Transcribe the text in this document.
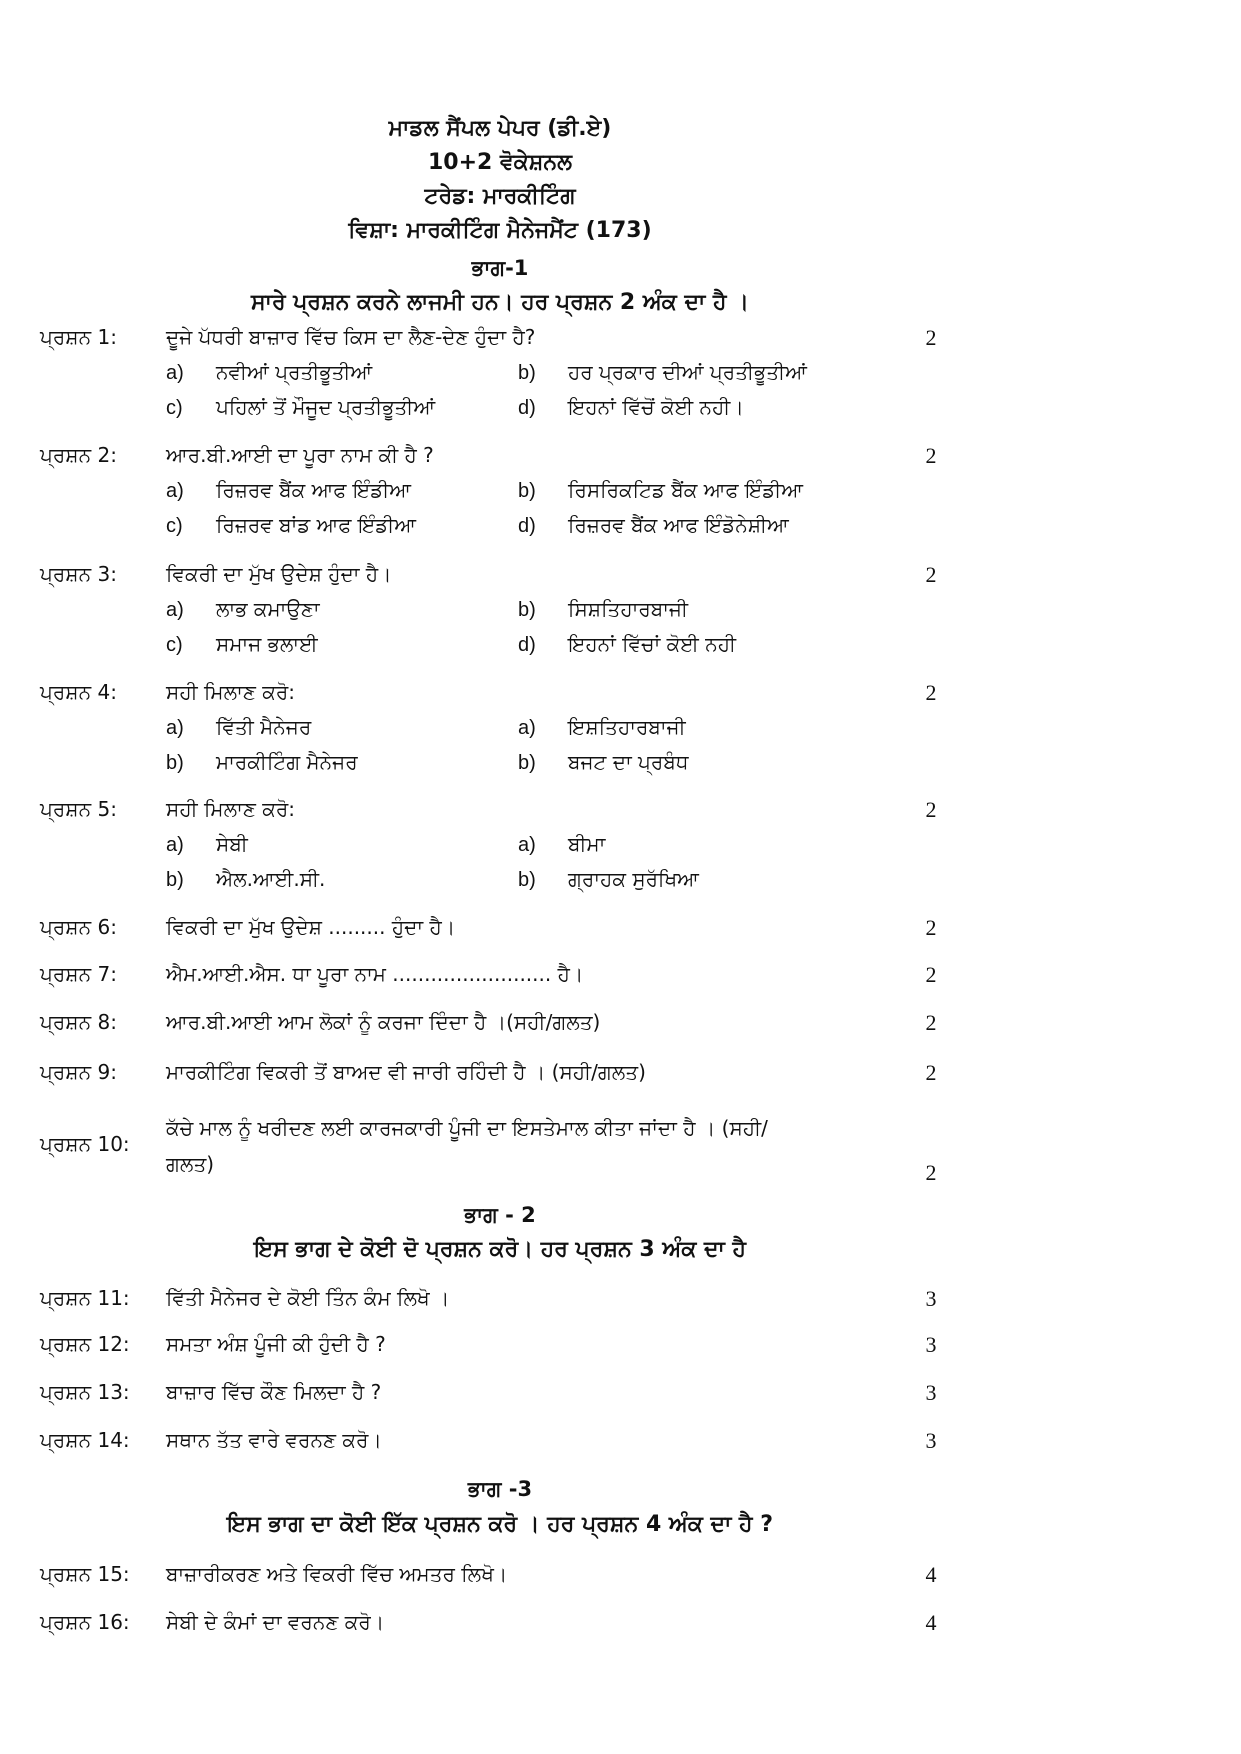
ਮਾਡਲ ਸੈਂਪਲ ਪੇਪਰ (ਡੀ.ਏ)
10+2 ਵੋਕੇਸ਼ਨਲ
ਟਰੇਡ: ਮਾਰਕੀਟਿੰਗ
ਵਿਸ਼ਾ: ਮਾਰਕੀਟਿੰਗ ਮੈਨੇਜਮੈਂਟ (173)
ਭਾਗ-1
ਸਾਰੇ ਪ੍ਰਸ਼ਨ ਕਰਨੇ ਲਾਜਮੀ ਹਨ। ਹਰ ਪ੍ਰਸ਼ਨ 2 ਅੰਕ ਦਾ ਹੈ ।
ਪ੍ਰਸ਼ਨ 1: ਦੂਜੇ ਪੱਧਰੀ ਬਾਜ਼ਾਰ ਵਿੱਚ ਕਿਸ ਦਾ ਲੈਣ-ਦੇਣ ਹੁੰਦਾ ਹੈ?	2
a) ਨਵੀਆਂ ਪ੍ਰਤੀਭੂਤੀਆਂ	b) ਹਰ ਪ੍ਰਕਾਰ ਦੀਆਂ ਪ੍ਰਤੀਭੂਤੀਆਂ
c) ਪਹਿਲਾਂ ਤੋਂ ਮੌਜੂਦ ਪ੍ਰਤੀਭੂਤੀਆਂ	d) ਇਹਨਾਂ ਵਿੱਚੋਂ ਕੋਈ ਨਹੀ।
ਪ੍ਰਸ਼ਨ 2: ਆਰ.ਬੀ.ਆਈ ਦਾ ਪੂਰਾ ਨਾਮ ਕੀ ਹੈ ?	2
a) ਰਿਜ਼ਰਵ ਬੈਂਕ ਆਫ ਇੰਡੀਆ	b) ਰਿਸਰਿਕਟਿਡ ਬੈਂਕ ਆਫ ਇੰਡੀਆ
c) ਰਿਜ਼ਰਵ ਬਾਂਡ ਆਫ ਇੰਡੀਆ	d) ਰਿਜ਼ਰਵ ਬੈਂਕ ਆਫ ਇੰਡੋਨੇਸ਼ੀਆ
ਪ੍ਰਸ਼ਨ 3: ਵਿਕਰੀ ਦਾ ਮੁੱਖ ਉਦੇਸ਼ ਹੁੰਦਾ ਹੈ।	2
a) ਲਾਭ ਕਮਾਉਣਾ	b) ਸਿਸ਼ਤਿਹਾਰਬਾਜੀ
c) ਸਮਾਜ ਭਲਾਈ	d) ਇਹਨਾਂ ਵਿੱਚਾਂ ਕੋਈ ਨਹੀ
ਪ੍ਰਸ਼ਨ 4: ਸਹੀ ਮਿਲਾਣ ਕਰੋ:	2
a) ਵਿੱਤੀ ਮੈਨੇਜਰ	a) ਇਸ਼ਤਿਹਾਰਬਾਜੀ
b) ਮਾਰਕੀਟਿੰਗ ਮੈਨੇਜਰ	b) ਬਜਟ ਦਾ ਪ੍ਰਬੰਧ
ਪ੍ਰਸ਼ਨ 5: ਸਹੀ ਮਿਲਾਣ ਕਰੋ:	2
a) ਸੇਬੀ	a) ਬੀਮਾ
b) ਐਲ.ਆਈ.ਸੀ.	b) ਗ੍ਰਾਹਕ ਸੁਰੱਖਿਆ
ਪ੍ਰਸ਼ਨ 6: ਵਿਕਰੀ ਦਾ ਮੁੱਖ ਉਦੇਸ਼ ......... ਹੁੰਦਾ ਹੈ।	2
ਪ੍ਰਸ਼ਨ 7: ਐਮ.ਆਈ.ਐਸ. ਧਾ ਪੂਰਾ ਨਾਮ ......................... ਹੈ।	2
ਪ੍ਰਸ਼ਨ 8: ਆਰ.ਬੀ.ਆਈ ਆਮ ਲੋਕਾਂ ਨੂੰ ਕਰਜਾ ਦਿੰਦਾ ਹੈ ।(ਸਹੀ/ਗਲਤ)	2
ਪ੍ਰਸ਼ਨ 9: ਮਾਰਕੀਟਿੰਗ ਵਿਕਰੀ ਤੋਂ ਬਾਅਦ ਵੀ ਜਾਰੀ ਰਹਿੰਦੀ ਹੈ । (ਸਹੀ/ਗਲਤ)	2
ਪ੍ਰਸ਼ਨ 10:
ਕੱਚੇ ਮਾਲ ਨੂੰ ਖਰੀਦਣ ਲਈ ਕਾਰਜਕਾਰੀ ਪੂੰਜੀ ਦਾ ਇਸਤੇਮਾਲ ਕੀਤਾ ਜਾਂਦਾ ਹੈ । (ਸਹੀ/ਗਲਤ)	2
ਭਾਗ - 2
ਇਸ ਭਾਗ ਦੇ ਕੋਈ ਦੋ ਪ੍ਰਸ਼ਨ ਕਰੋ। ਹਰ ਪ੍ਰਸ਼ਨ 3 ਅੰਕ ਦਾ ਹੈ
ਪ੍ਰਸ਼ਨ 11: ਵਿੱਤੀ ਮੈਨੇਜਰ ਦੇ ਕੋਈ ਤਿੰਨ ਕੰਮ ਲਿਖੋ ।	3
ਪ੍ਰਸ਼ਨ 12: ਸਮਤਾ ਅੰਸ਼ ਪੂੰਜੀ ਕੀ ਹੁੰਦੀ ਹੈ ?	3
ਪ੍ਰਸ਼ਨ 13: ਬਾਜ਼ਾਰ ਵਿੱਚ ਕੌਣ ਮਿਲਦਾ ਹੈ ?	3
ਪ੍ਰਸ਼ਨ 14: ਸਥਾਨ ਤੱਤ ਵਾਰੇ ਵਰਨਣ ਕਰੋ।	3
ਭਾਗ -3
ਇਸ ਭਾਗ ਦਾ ਕੋਈ ਇੱਕ ਪ੍ਰਸ਼ਨ ਕਰੋ । ਹਰ ਪ੍ਰਸ਼ਨ 4 ਅੰਕ ਦਾ ਹੈ ?
ਪ੍ਰਸ਼ਨ 15: ਬਾਜ਼ਾਰੀਕਰਣ ਅਤੇ ਵਿਕਰੀ ਵਿੱਚ ਅਮਤਰ ਲਿਖੋ।	4
ਪ੍ਰਸ਼ਨ 16: ਸੇਬੀ ਦੇ ਕੰਮਾਂ ਦਾ ਵਰਨਣ ਕਰੋ।	4
